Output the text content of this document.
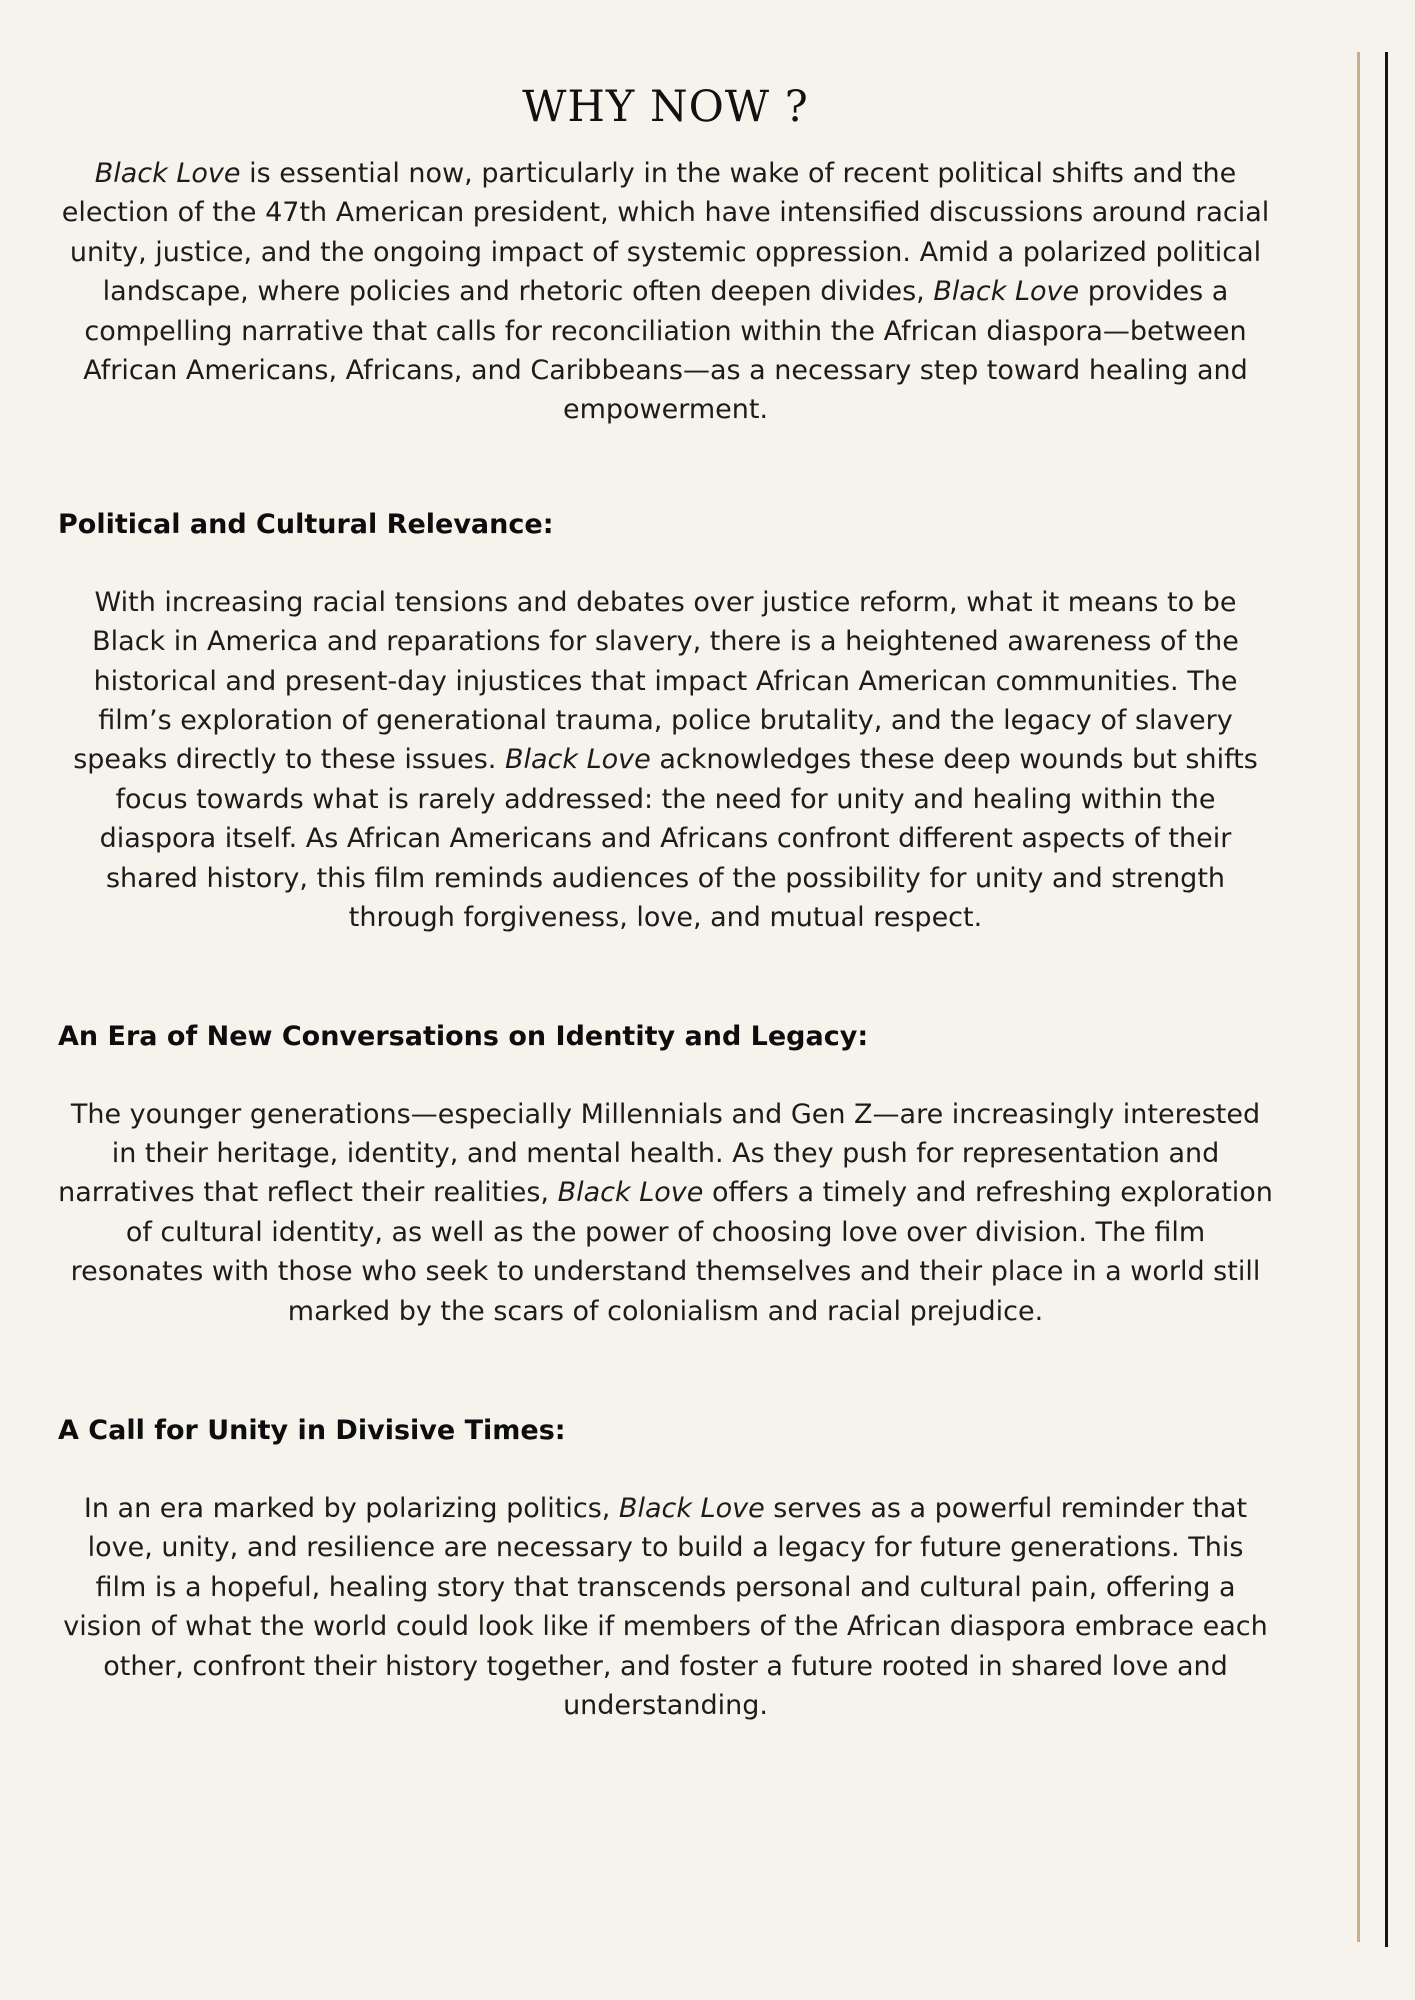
WHY NOW ?

Black Love is essential now, particularly in the wake of recent political shifts and the election of the 47th American president, which have intensified discussions around racial unity, justice, and the ongoing impact of systemic oppression. Amid a polarized political landscape, where policies and rhetoric often deepen divides, Black Love provides a compelling narrative that calls for reconciliation within the African diaspora—between African Americans, Africans, and Caribbeans—as a necessary step toward healing and empowerment.

Political and Cultural Relevance:

With increasing racial tensions and debates over justice reform, what it means to be Black in America and reparations for slavery, there is a heightened awareness of the historical and present-day injustices that impact African American communities. The film’s exploration of generational trauma, police brutality, and the legacy of slavery speaks directly to these issues. Black Love acknowledges these deep wounds but shifts focus towards what is rarely addressed: the need for unity and healing within the diaspora itself. As African Americans and Africans confront different aspects of their shared history, this film reminds audiences of the possibility for unity and strength through forgiveness, love, and mutual respect.

An Era of New Conversations on Identity and Legacy:

The younger generations—especially Millennials and Gen Z—are increasingly interested in their heritage, identity, and mental health. As they push for representation and narratives that reflect their realities, Black Love offers a timely and refreshing exploration of cultural identity, as well as the power of choosing love over division. The film resonates with those who seek to understand themselves and their place in a world still marked by the scars of colonialism and racial prejudice.

A Call for Unity in Divisive Times:

In an era marked by polarizing politics, Black Love serves as a powerful reminder that love, unity, and resilience are necessary to build a legacy for future generations. This film is a hopeful, healing story that transcends personal and cultural pain, offering a vision of what the world could look like if members of the African diaspora embrace each other, confront their history together, and foster a future rooted in shared love and understanding.
